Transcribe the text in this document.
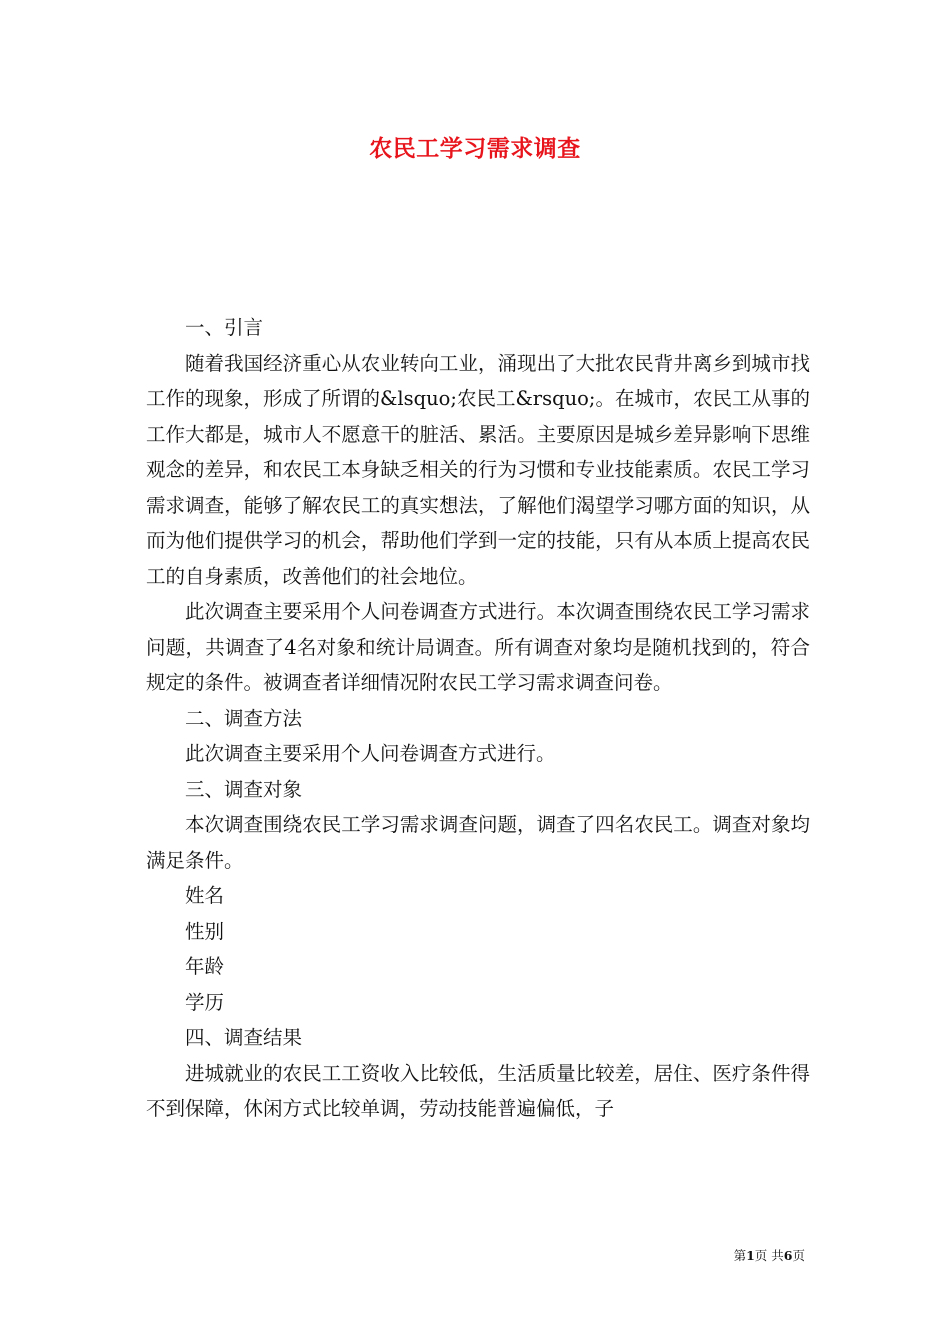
农民工学习需求调查

一、引言

随着我国经济重心从农业转向工业，涌现出了大批农民背井离乡到城市找工作的现象，形成了所谓的&lsquo;农民工&rsquo;。在城市，农民工从事的工作大都是，城市人不愿意干的脏活、累活。主要原因是城乡差异影响下思维观念的差异，和农民工本身缺乏相关的行为习惯和专业技能素质。农民工学习需求调查，能够了解农民工的真实想法，了解他们渴望学习哪方面的知识，从而为他们提供学习的机会，帮助他们学到一定的技能，只有从本质上提高农民工的自身素质，改善他们的社会地位。

此次调查主要采用个人问卷调查方式进行。本次调查围绕农民工学习需求问题，共调查了4名对象和统计局调查。所有调查对象均是随机找到的，符合规定的条件。被调查者详细情况附农民工学习需求调查问卷。

二、调查方法

此次调查主要采用个人问卷调查方式进行。

三、调查对象

本次调查围绕农民工学习需求调查问题，调查了四名农民工。调查对象均满足条件。

姓名

性别

年龄

学历

四、调查结果

进城就业的农民工工资收入比较低，生活质量比较差，居住、医疗条件得不到保障，休闲方式比较单调，劳动技能普遍偏低，子

第1页 共6页
